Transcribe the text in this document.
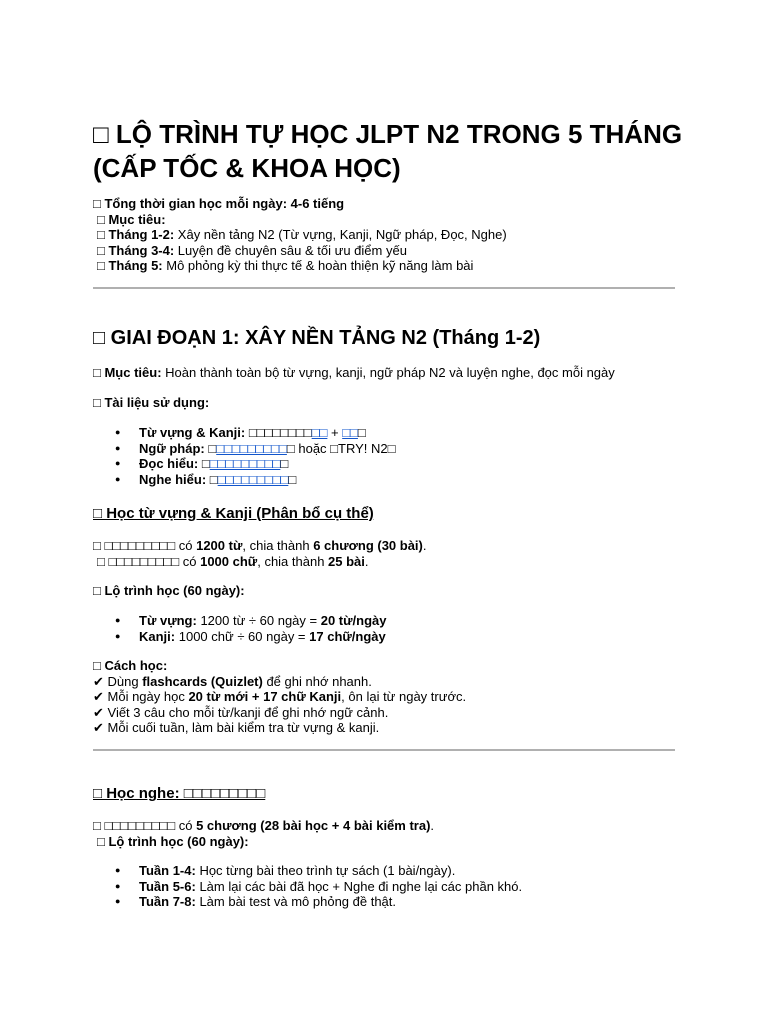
□ LỘ TRÌNH TỰ HỌC JLPT N2 TRONG 5 THÁNG (CẤP TỐC & KHOA HỌC)
□ Tổng thời gian học mỗi ngày: 4-6 tiếng
□ Mục tiêu:
□ Tháng 1-2: Xây nền tảng N2 (Từ vựng, Kanji, Ngữ pháp, Đọc, Nghe)
□ Tháng 3-4: Luyện đề chuyên sâu & tối ưu điểm yếu
□ Tháng 5: Mô phỏng kỳ thi thực tế & hoàn thiện kỹ năng làm bài
□ GIAI ĐOẠN 1: XÂY NỀN TẢNG N2 (Tháng 1-2)
□ Mục tiêu: Hoàn thành toàn bộ từ vựng, kanji, ngữ pháp N2 và luyện nghe, đọc mỗi ngày
□ Tài liệu sử dụng:
● Từ vựng & Kanji: □□□□□□□□□□ + □□□
● Ngữ pháp: □□□□□□□□□□□ hoặc □TRY! N2□
● Đọc hiểu: □□□□□□□□□□□
● Nghe hiểu: □□□□□□□□□□□
□ Học từ vựng & Kanji (Phân bổ cụ thể)
□ □□□□□□□□□ có 1200 từ, chia thành 6 chương (30 bài).
□ □□□□□□□□□ có 1000 chữ, chia thành 25 bài.
□ Lộ trình học (60 ngày):
● Từ vựng: 1200 từ ÷ 60 ngày = 20 từ/ngày
● Kanji: 1000 chữ ÷ 60 ngày = 17 chữ/ngày
□ Cách học:
✔ Dùng flashcards (Quizlet) để ghi nhớ nhanh.
✔ Mỗi ngày học 20 từ mới + 17 chữ Kanji, ôn lại từ ngày trước.
✔ Viết 3 câu cho mỗi từ/kanji để ghi nhớ ngữ cảnh.
✔ Mỗi cuối tuần, làm bài kiểm tra từ vựng & kanji.
□ Học nghe: □□□□□□□□□
□ □□□□□□□□□ có 5 chương (28 bài học + 4 bài kiểm tra).
□ Lộ trình học (60 ngày):
● Tuần 1-4: Học từng bài theo trình tự sách (1 bài/ngày).
● Tuần 5-6: Làm lại các bài đã học + Nghe đi nghe lại các phần khó.
● Tuần 7-8: Làm bài test và mô phỏng đề thật.
